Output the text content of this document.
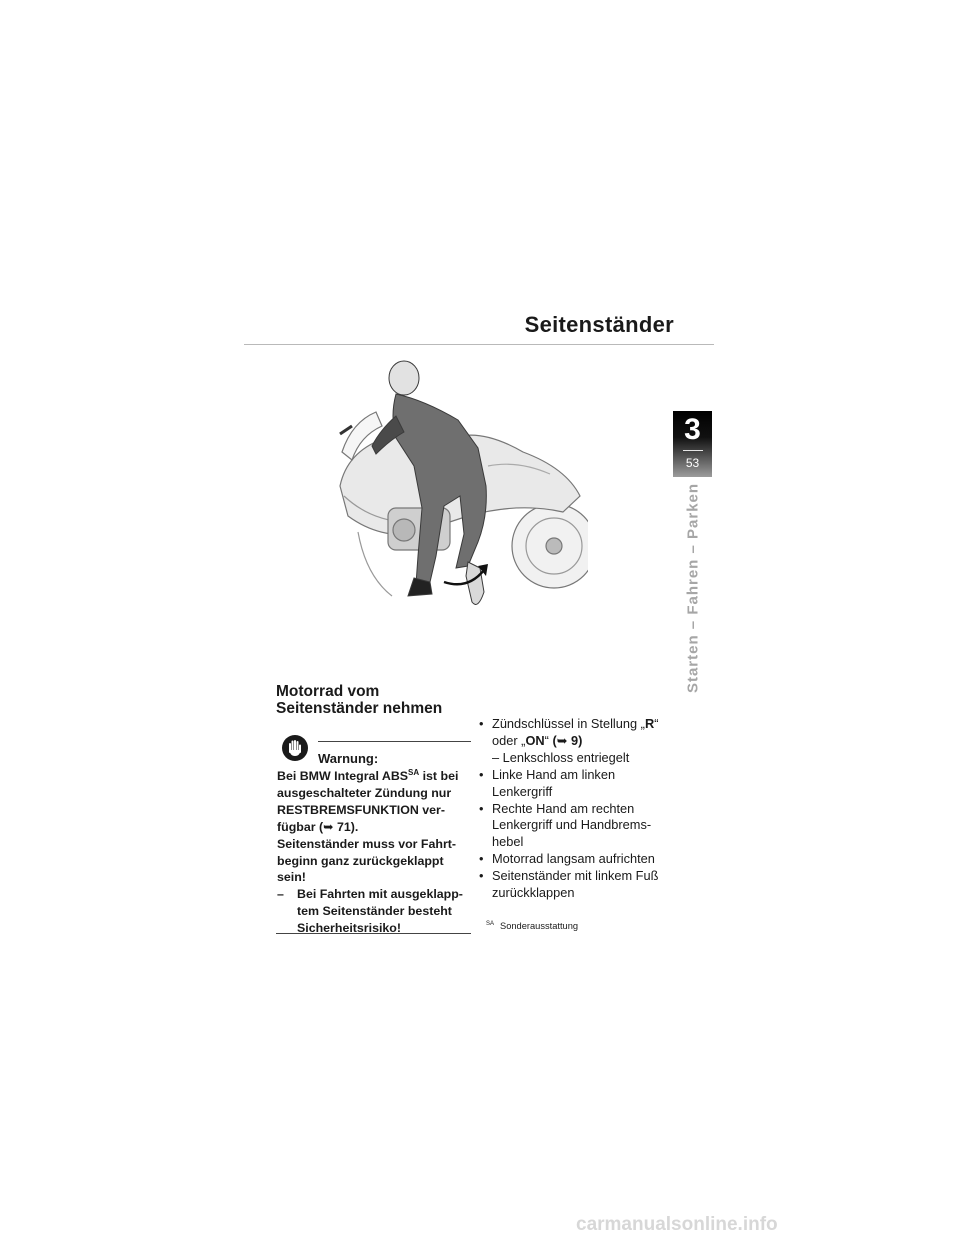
Seitenständer
3
53
Starten – Fahren – Parken
Motorrad vom
Seitenständer nehmen
Warnung:
Bei BMW Integral $ABS^{SA}$ ist bei
ausgeschalteter Zündung nur
RESTBREMSFUNKTION ver-
fügbar (➥ 71).
Seitenständer muss vor Fahrt-
beginn ganz zurückgeklappt
sein!
– Bei Fahrten mit ausgeklapp-
tem Seitenständer besteht
Sicherheitsrisiko!
• Zündschlüssel in Stellung „R“
oder „ON“ (➥ 9)
– Lenkschloss entriegelt
• Linke Hand am linken
Lenkergriff
• Rechte Hand am rechten
Lenkergriff und Handbrems-
hebel
• Motorrad langsam aufrichten
• Seitenständer mit linkem Fuß
zurückklappen
$^{SA}$ Sonderausstattung
carmanualsonline.info
